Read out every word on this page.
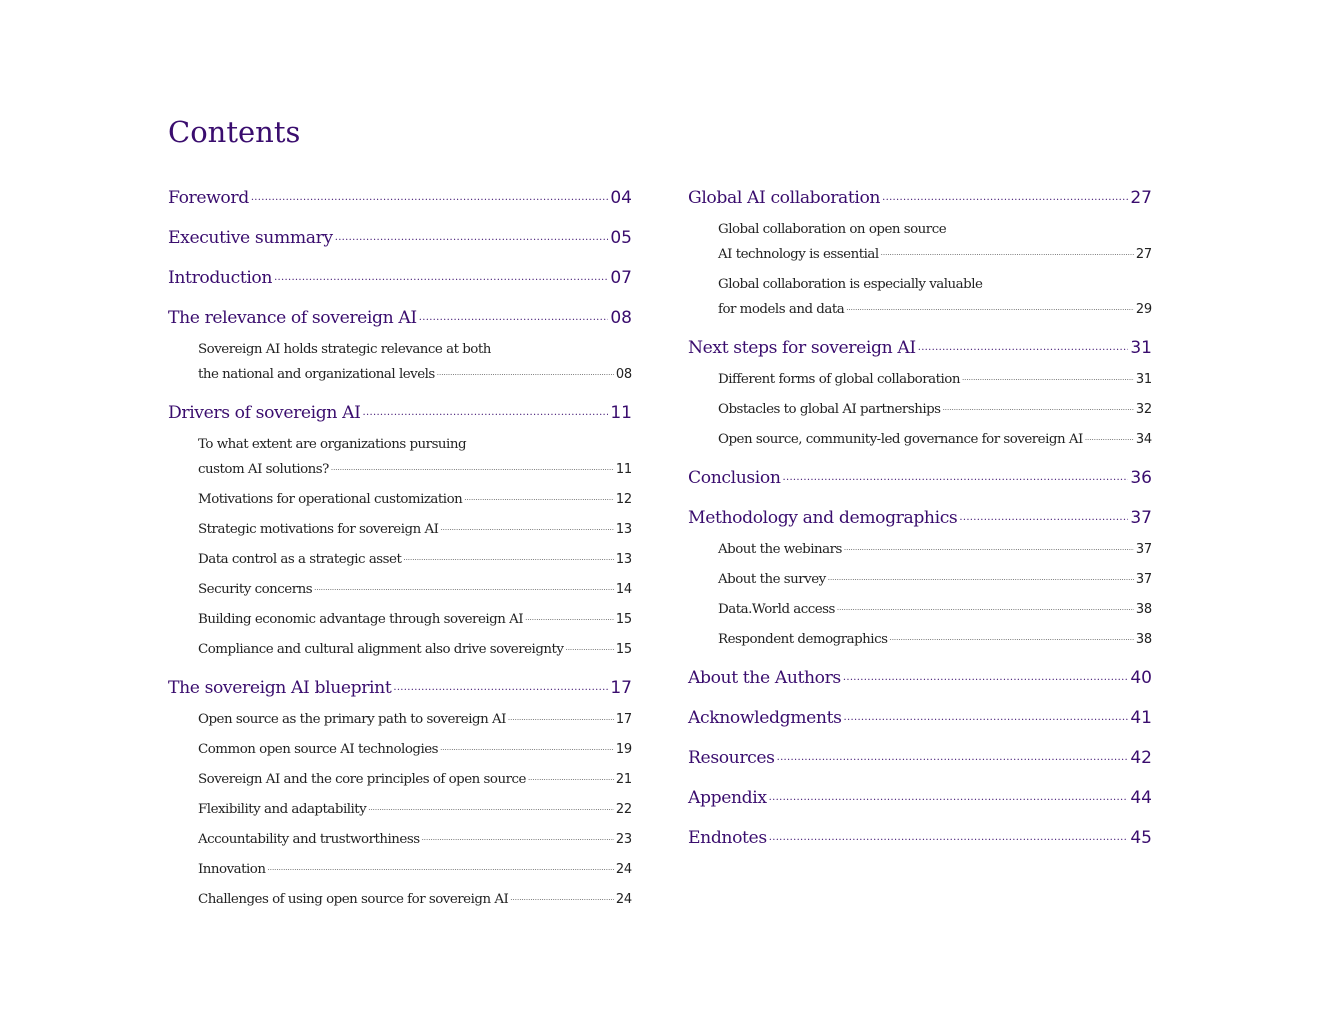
Contents
Foreword .....	04
Executive summary .....	05
Introduction .....	07
The relevance of sovereign AI .....	08
Sovereign AI holds strategic relevance at both
the national and organizational levels .....	08
Drivers of sovereign AI .....	11
To what extent are organizations pursuing
custom AI solutions? .....	11
Motivations for operational customization .....	12
Strategic motivations for sovereign AI .....	13
Data control as a strategic asset .....	13
Security concerns .....	14
Building economic advantage through sovereign AI .....	15
Compliance and cultural alignment also drive sovereignty .....	15
The sovereign AI blueprint .....	17
Open source as the primary path to sovereign AI .....	17
Common open source AI technologies .....	19
Sovereign AI and the core principles of open source .....	21
Flexibility and adaptability .....	22
Accountability and trustworthiness .....	23
Innovation .....	24
Challenges of using open source for sovereign AI .....	24
Global AI collaboration .....	27
Global collaboration on open source
AI technology is essential .....	27
Global collaboration is especially valuable
for models and data .....	29
Next steps for sovereign AI .....	31
Different forms of global collaboration .....	31
Obstacles to global AI partnerships .....	32
Open source, community-led governance for sovereign AI .....	34
Conclusion .....	36
Methodology and demographics .....	37
About the webinars .....	37
About the survey .....	37
Data.World access .....	38
Respondent demographics .....	38
About the Authors .....	40
Acknowledgments .....	41
Resources .....	42
Appendix .....	44
Endnotes .....	45
